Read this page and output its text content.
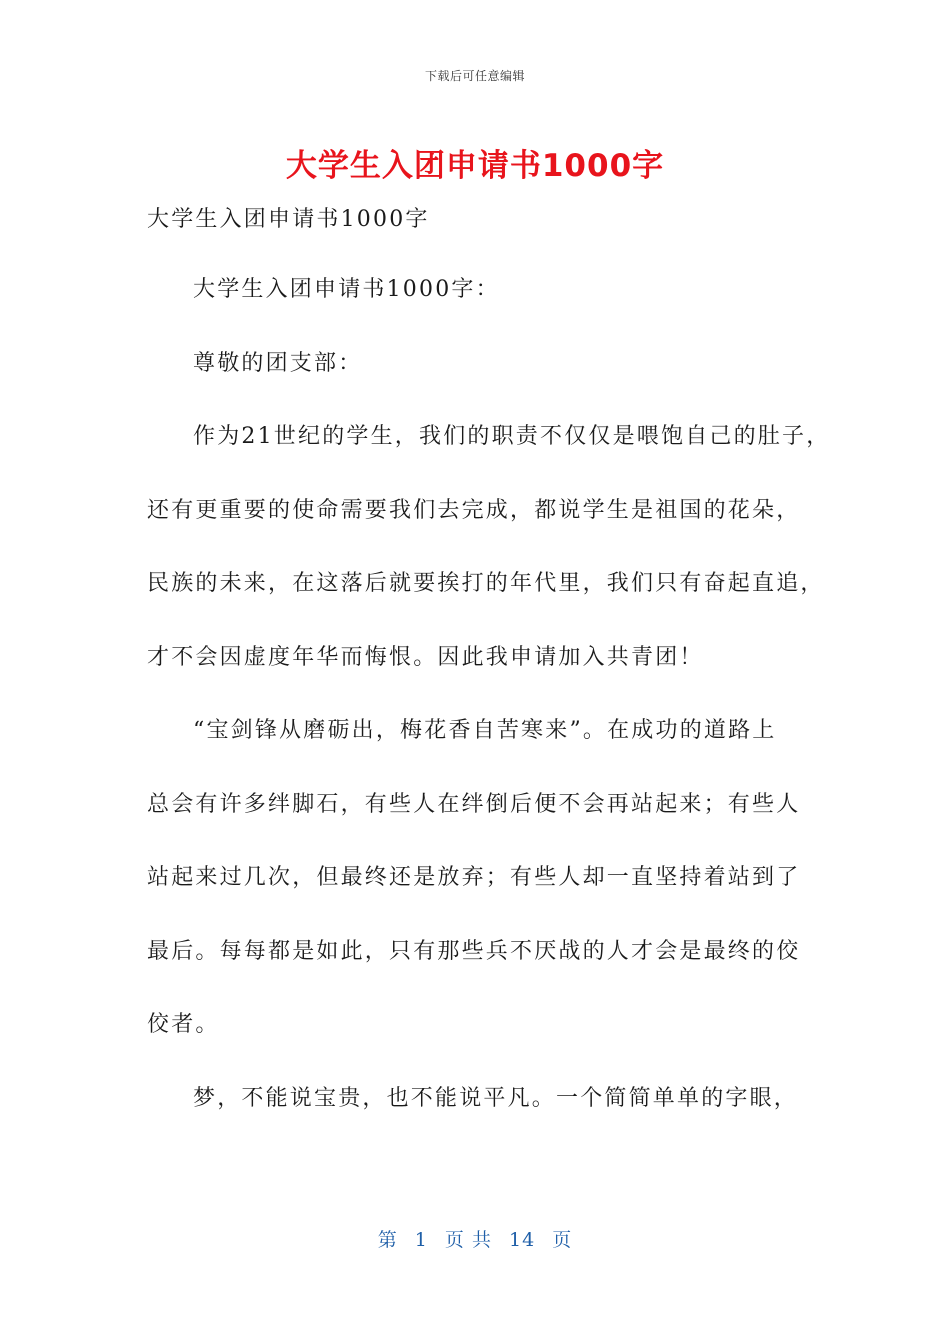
下载后可任意编辑
大学生入团申请书1000字
大学生入团申请书1000字
大学生入团申请书1000字：
尊敬的团支部：
作为21世纪的学生，我们的职责不仅仅是喂饱自己的肚子，
还有更重要的使命需要我们去完成，都说学生是祖国的花朵，
民族的未来，在这落后就要挨打的年代里，我们只有奋起直追，
才不会因虚度年华而悔恨。因此我申请加入共青团！
“宝剑锋从磨砺出，梅花香自苦寒来”。在成功的道路上
总会有许多绊脚石，有些人在绊倒后便不会再站起来；有些人
站起来过几次，但最终还是放弃；有些人却一直坚持着站到了
最后。每每都是如此，只有那些兵不厌战的人才会是最终的佼
佼者。
梦，不能说宝贵，也不能说平凡。一个简简单单的字眼，
第 1 页 共 14 页
